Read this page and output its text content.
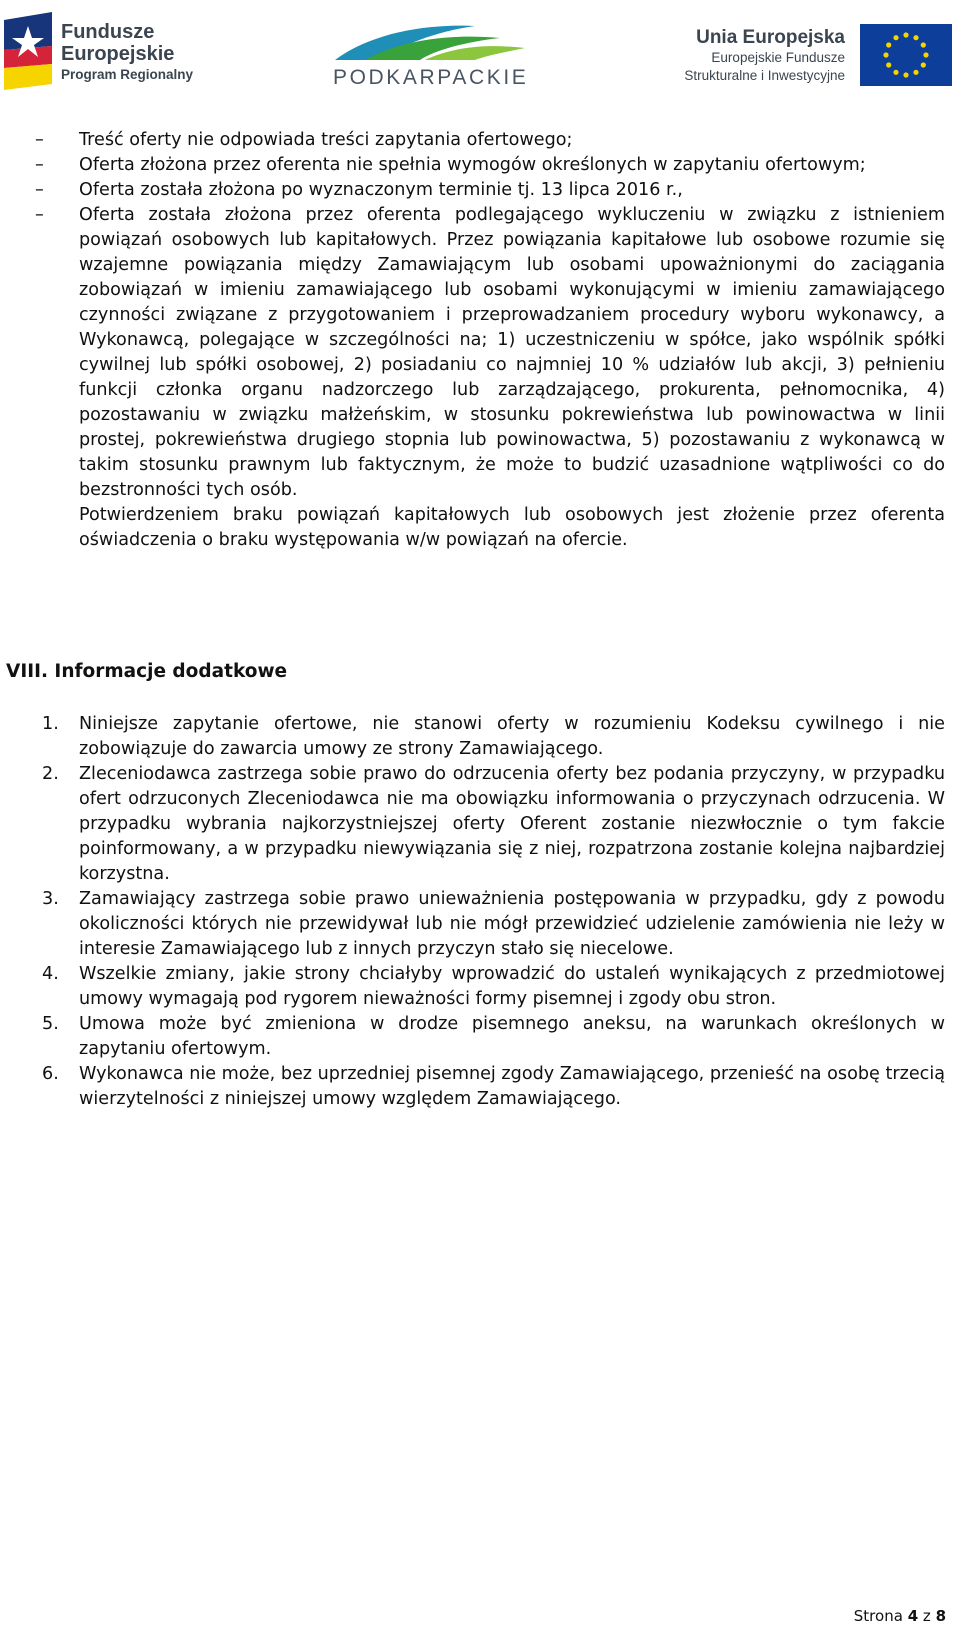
Fundusze
Europejskie
Program Regionalny	PODKARPACKIE
Unia Europejska
Europejskie Fundusze
Strukturalne i Inwestycyjne
– Treść oferty nie odpowiada treści zapytania ofertowego;
– Oferta złożona przez oferenta nie spełnia wymogów określonych w zapytaniu ofertowym;
– Oferta została złożona po wyznaczonym terminie tj. 13 lipca 2016 r.,
– Oferta została złożona przez oferenta podlegającego wykluczeniu w związku z istnieniem powiązań osobowych lub kapitałowych. Przez powiązania kapitałowe lub osobowe rozumie się wzajemne powiązania między Zamawiającym lub osobami upoważnionymi do zaciągania zobowiązań w imieniu zamawiającego lub osobami wykonującymi w imieniu zamawiającego czynności związane z przygotowaniem i przeprowadzaniem procedury wyboru wykonawcy, a Wykonawcą, polegające w szczególności na; 1) uczestniczeniu w spółce, jako wspólnik spółki cywilnej lub spółki osobowej, 2) posiadaniu co najmniej 10 % udziałów lub akcji, 3) pełnieniu funkcji członka organu nadzorczego lub zarządzającego, prokurenta, pełnomocnika, 4) pozostawaniu w związku małżeńskim, w stosunku pokrewieństwa lub powinowactwa w linii prostej, pokrewieństwa drugiego stopnia lub powinowactwa, 5) pozostawaniu z wykonawcą w takim stosunku prawnym lub faktycznym, że może to budzić uzasadnione wątpliwości co do bezstronności tych osób.
Potwierdzeniem braku powiązań kapitałowych lub osobowych jest złożenie przez oferenta oświadczenia o braku występowania w/w powiązań na ofercie.
VIII. Informacje dodatkowe
1. Niniejsze zapytanie ofertowe, nie stanowi oferty w rozumieniu Kodeksu cywilnego i nie zobowiązuje do zawarcia umowy ze strony Zamawiającego.
2. Zleceniodawca zastrzega sobie prawo do odrzucenia oferty bez podania przyczyny, w przypadku ofert odrzuconych Zleceniodawca nie ma obowiązku informowania o przyczynach odrzucenia. W przypadku wybrania najkorzystniejszej oferty Oferent zostanie niezwłocznie o tym fakcie poinformowany, a w przypadku niewywiązania się z niej, rozpatrzona zostanie kolejna najbardziej korzystna.
3. Zamawiający zastrzega sobie prawo unieważnienia postępowania w przypadku, gdy z powodu okoliczności których nie przewidywał lub nie mógł przewidzieć udzielenie zamówienia nie leży w interesie Zamawiającego lub z innych przyczyn stało się niecelowe.
4. Wszelkie zmiany, jakie strony chciałyby wprowadzić do ustaleń wynikających z przedmiotowej umowy wymagają pod rygorem nieważności formy pisemnej i zgody obu stron.
5. Umowa może być zmieniona w drodze pisemnego aneksu, na warunkach określonych w zapytaniu ofertowym.
6. Wykonawca nie może, bez uprzedniej pisemnej zgody Zamawiającego, przenieść na osobę trzecią wierzytelności z niniejszej umowy względem Zamawiającego.
Strona 4 z 8
